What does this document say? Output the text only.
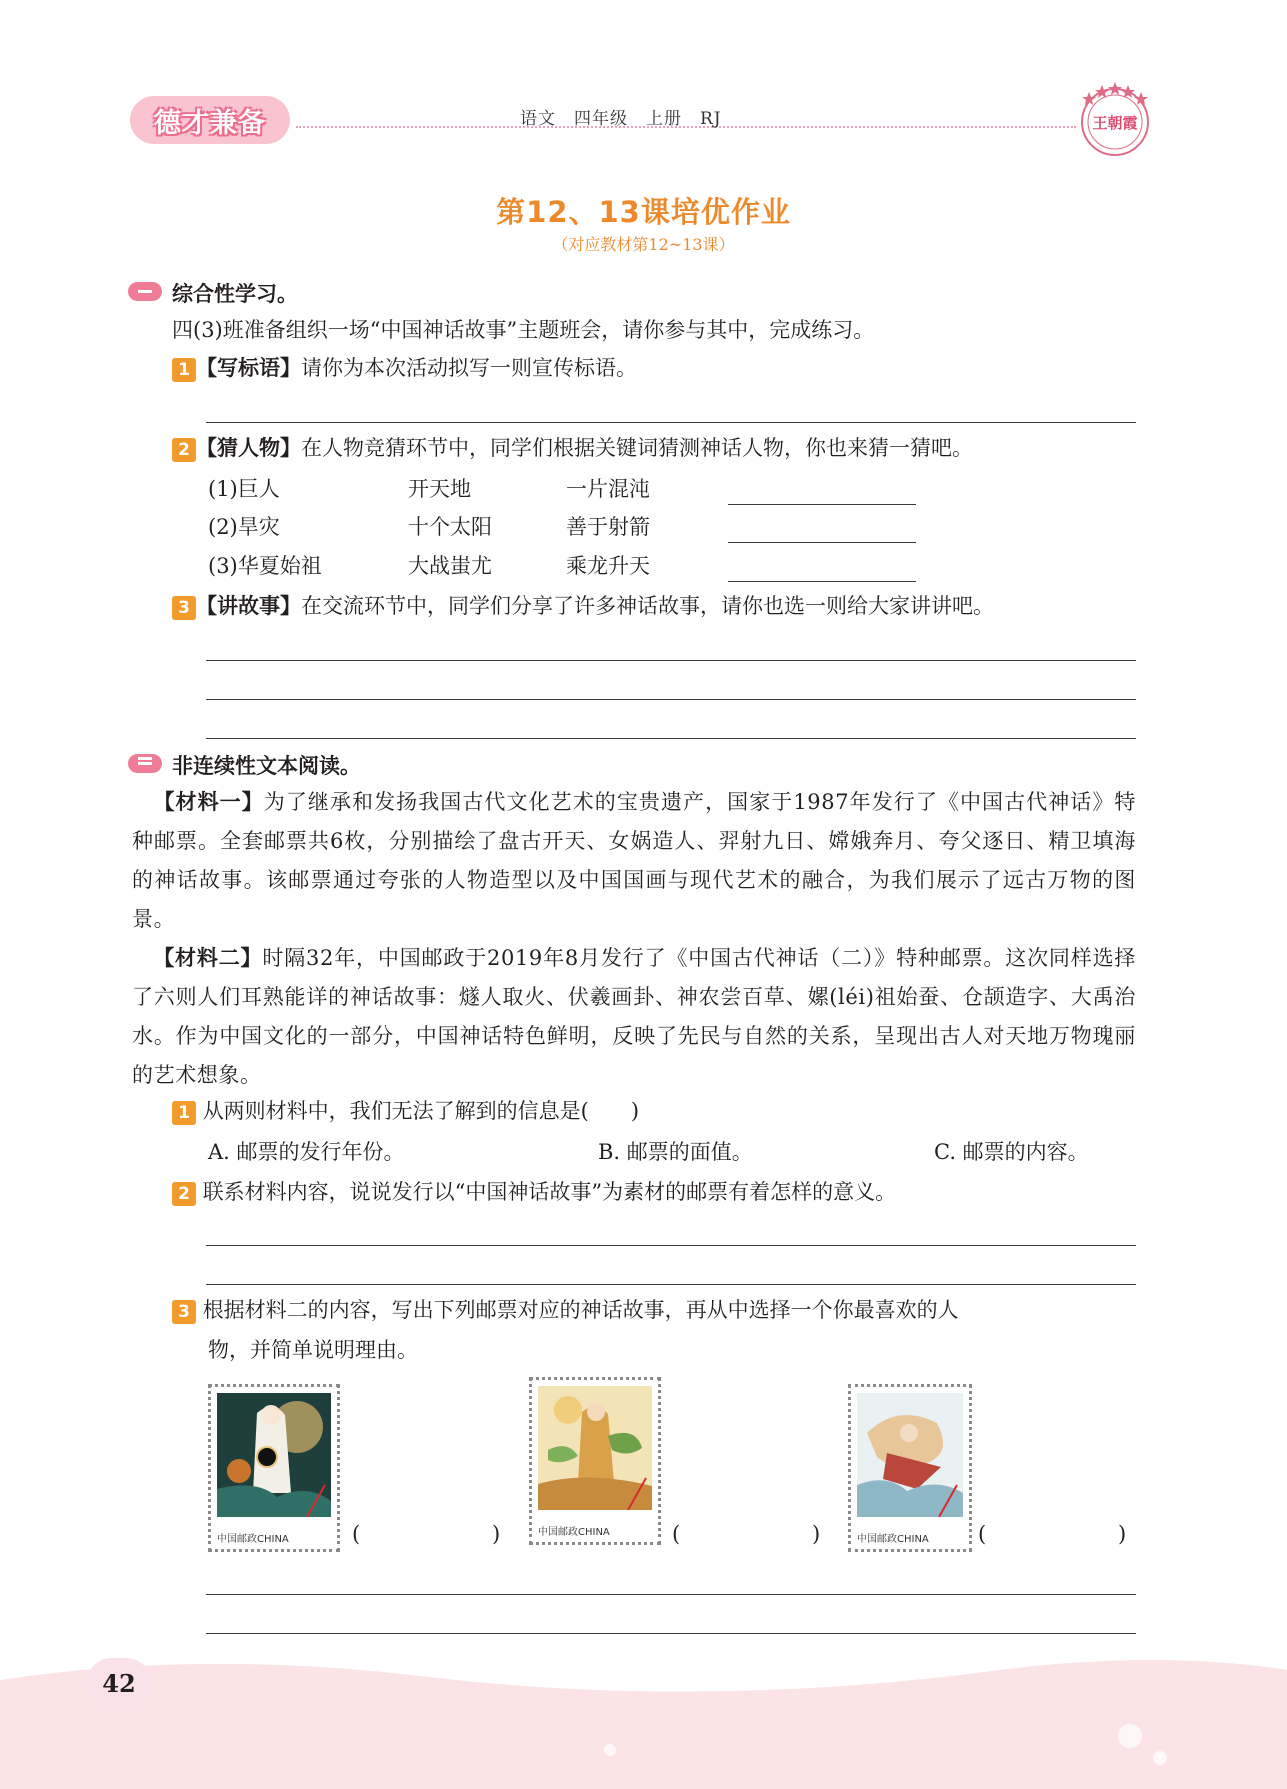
德才兼备	语文　四年级　上册　RJ	王朝霞
第12、13课培优作业
（对应教材第12~13课）
综合性学习。
四(3)班准备组织一场“中国神话故事”主题班会，请你参与其中，完成练习。
1 【写标语】请你为本次活动拟写一则宣传标语。
2 【猜人物】在人物竞猜环节中，同学们根据关键词猜测神话人物，你也来猜一猜吧。
(1)巨人	开天地	一片混沌
(2)旱灾	十个太阳	善于射箭
(3)华夏始祖	大战蚩尤	乘龙升天
3 【讲故事】在交流环节中，同学们分享了许多神话故事，请你也选一则给大家讲讲吧。
非连续性文本阅读。
【材料一】为了继承和发扬我国古代文化艺术的宝贵遗产，国家于1987年发行了《中国古代神话》特种邮票。全套邮票共6枚，分别描绘了盘古开天、女娲造人、羿射九日、嫦娥奔月、夸父逐日、精卫填海的神话故事。该邮票通过夸张的人物造型以及中国国画与现代艺术的融合，为我们展示了远古万物的图景。
【材料二】时隔32年，中国邮政于2019年8月发行了《中国古代神话（二）》特种邮票。这次同样选择了六则人们耳熟能详的神话故事：燧人取火、伏羲画卦、神农尝百草、嫘(léi)祖始蚕、仓颉造字、大禹治水。作为中国文化的一部分，中国神话特色鲜明，反映了先民与自然的关系，呈现出古人对天地万物瑰丽的艺术想象。
1 从两则材料中，我们无法了解到的信息是(　　)
A. 邮票的发行年份。	B. 邮票的面值。	C. 邮票的内容。
2 联系材料内容，说说发行以“中国神话故事”为素材的邮票有着怎样的意义。
3 根据材料二的内容，写出下列邮票对应的神话故事，再从中选择一个你最喜欢的人
物，并简单说明理由。
中国邮政CHINA	(	)	中国邮政CHINA	(	)	中国邮政CHINA (	)
42
